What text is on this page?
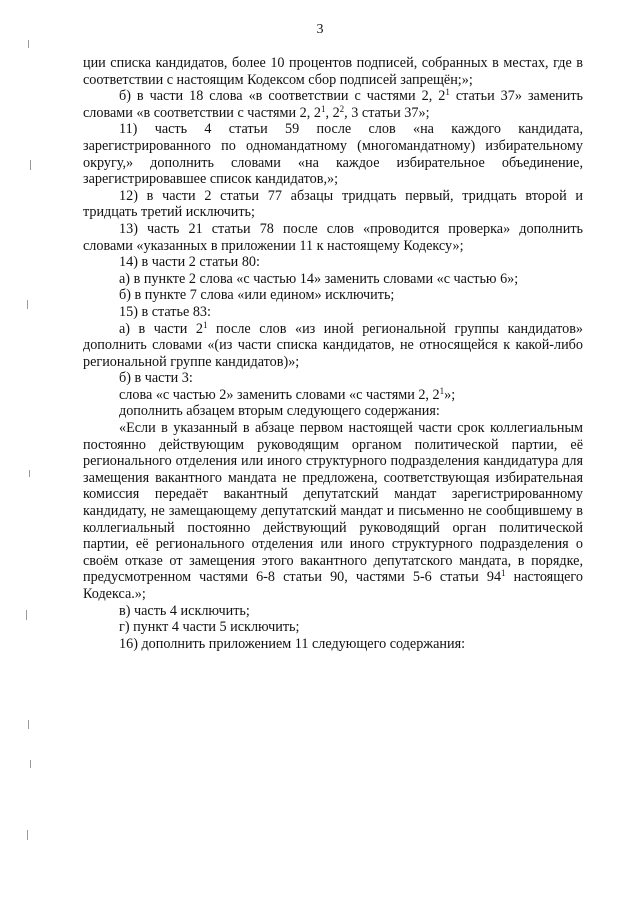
3

ции списка кандидатов, более 10 процентов подписей, собранных в местах, где в соответствии с настоящим Кодексом сбор подписей запрещён;»;

б) в части 18 слова «в соответствии с частями 2, $2^1$ статьи 37» заменить словами «в соответствии с частями 2, $2^1$, $2^2$, 3 статьи 37»;

11) часть 4 статьи 59 после слов «на каждого кандидата, зарегистрированного по одномандатному (многомандатному) избирательному округу,» дополнить словами «на каждое избирательное объединение, зарегистрировавшее список кандидатов,»;

12) в части 2 статьи 77 абзацы тридцать первый, тридцать второй и тридцать третий исключить;

13) часть 21 статьи 78 после слов «проводится проверка» дополнить словами «указанных в приложении 11 к настоящему Кодексу»;

14) в части 2 статьи 80:

а) в пункте 2 слова «с частью 14» заменить словами «с частью 6»;

б) в пункте 7 слова «или едином» исключить;

15) в статье 83:

а) в части $2^1$ после слов «из иной региональной группы кандидатов» дополнить словами «(из части списка кандидатов, не относящейся к какой-либо региональной группе кандидатов)»;

б) в части 3:

слова «с частью 2» заменить словами «с частями 2, $2^1$»;

дополнить абзацем вторым следующего содержания:

«Если в указанный в абзаце первом настоящей части срок коллегиальным постоянно действующим руководящим органом политической партии, её регионального отделения или иного структурного подразделения кандидатура для замещения вакантного мандата не предложена, соответствующая избирательная комиссия передаёт вакантный депутатский мандат зарегистрированному кандидату, не замещающему депутатский мандат и письменно не сообщившему в коллегиальный постоянно действующий руководящий орган политической партии, её регионального отделения или иного структурного подразделения о своём отказе от замещения этого вакантного депутатского мандата, в порядке, предусмотренном частями 6-8 статьи 90, частями 5-6 статьи $94^1$ настоящего Кодекса.»;

в) часть 4 исключить;

г) пункт 4 части 5 исключить;

16) дополнить приложением 11 следующего содержания:
